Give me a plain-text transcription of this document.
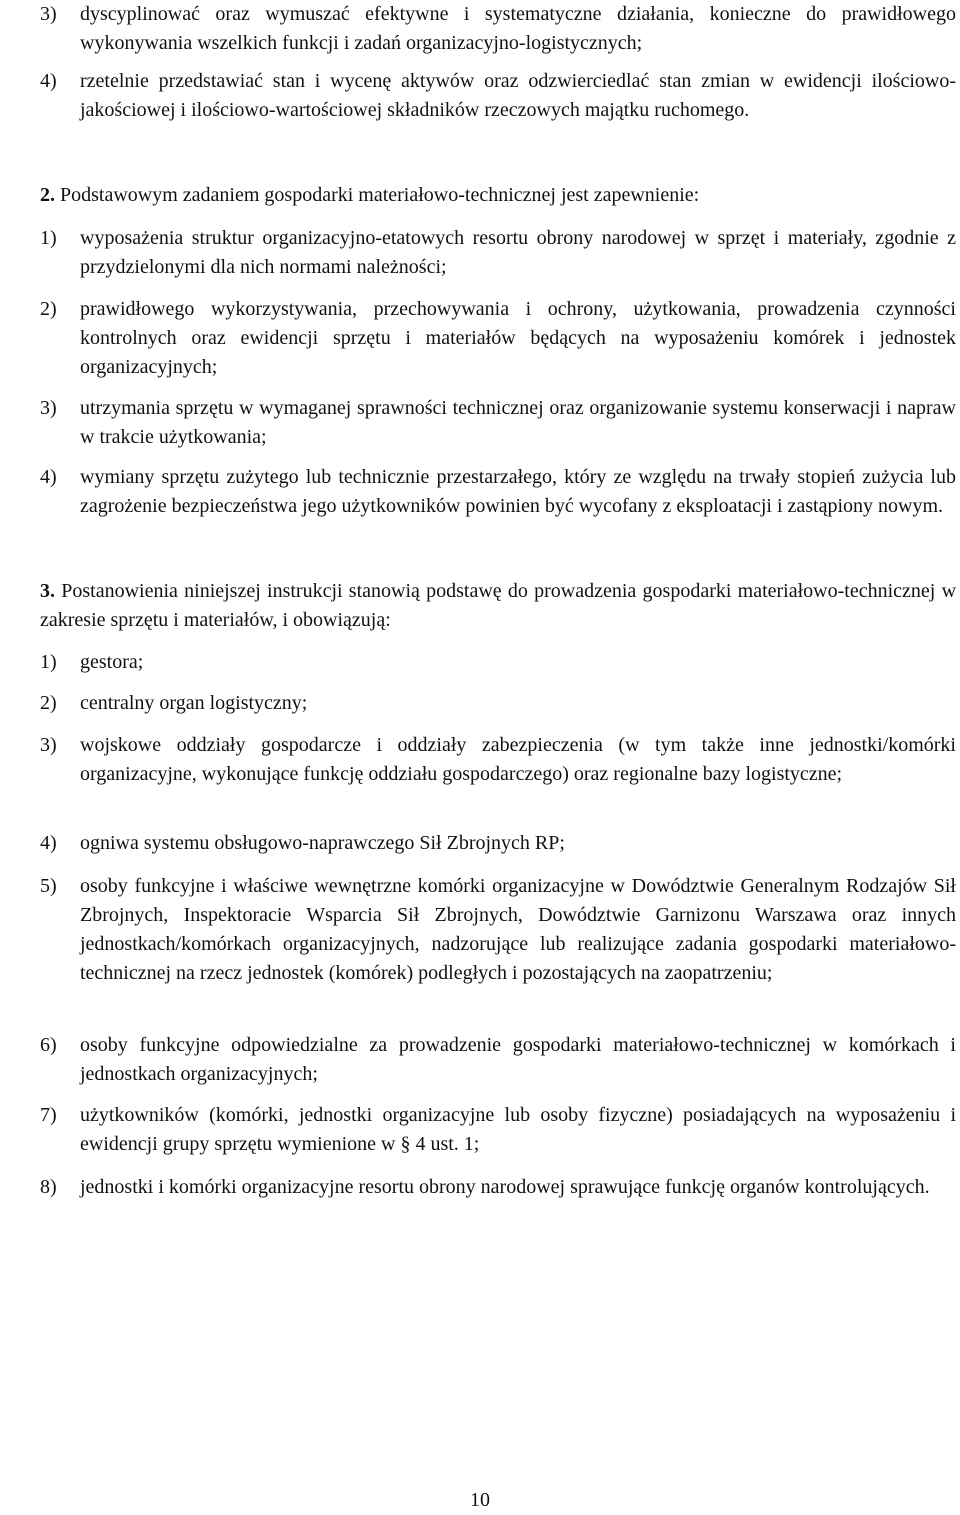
3) dyscyplinować oraz wymuszać efektywne i systematyczne działania, konieczne do prawidłowego wykonywania wszelkich funkcji i zadań organizacyjno-logistycznych;
4) rzetelnie przedstawiać stan i wycenę aktywów oraz odzwierciedlać stan zmian w ewidencji ilościowo-jakościowej i ilościowo-wartościowej składników rzeczowych majątku ruchomego.
2. Podstawowym zadaniem gospodarki materiałowo-technicznej jest zapewnienie:
1) wyposażenia struktur organizacyjno-etatowych resortu obrony narodowej w sprzęt i materiały, zgodnie z przydzielonymi dla nich normami należności;
2) prawidłowego wykorzystywania, przechowywania i ochrony, użytkowania, prowadzenia czynności kontrolnych oraz ewidencji sprzętu i materiałów będących na wyposażeniu komórek i jednostek organizacyjnych;
3) utrzymania sprzętu w wymaganej sprawności technicznej oraz organizowanie systemu konserwacji i napraw w trakcie użytkowania;
4) wymiany sprzętu zużytego lub technicznie przestarzałego, który ze względu na trwały stopień zużycia lub zagrożenie bezpieczeństwa jego użytkowników powinien być wycofany z eksploatacji i zastąpiony nowym.
3. Postanowienia niniejszej instrukcji stanowią podstawę do prowadzenia gospodarki materiałowo-technicznej w zakresie sprzętu i materiałów, i obowiązują:
1) gestora;
2) centralny organ logistyczny;
3) wojskowe oddziały gospodarcze i oddziały zabezpieczenia (w tym także inne jednostki/komórki organizacyjne, wykonujące funkcję oddziału gospodarczego) oraz regionalne bazy logistyczne;
4) ogniwa systemu obsługowo-naprawczego Sił Zbrojnych RP;
5) osoby funkcyjne i właściwe wewnętrzne komórki organizacyjne w Dowództwie Generalnym Rodzajów Sił Zbrojnych, Inspektoracie Wsparcia Sił Zbrojnych, Dowództwie Garnizonu Warszawa oraz innych jednostkach/komórkach organizacyjnych, nadzorujące lub realizujące zadania gospodarki materiałowo-technicznej na rzecz jednostek (komórek) podległych i pozostających na zaopatrzeniu;
6) osoby funkcyjne odpowiedzialne za prowadzenie gospodarki materiałowo-technicznej w komórkach i jednostkach organizacyjnych;
7) użytkowników (komórki, jednostki organizacyjne lub osoby fizyczne) posiadających na wyposażeniu i ewidencji grupy sprzętu wymienione w § 4 ust. 1;
8) jednostki i komórki organizacyjne resortu obrony narodowej sprawujące funkcję organów kontrolujących.
10
